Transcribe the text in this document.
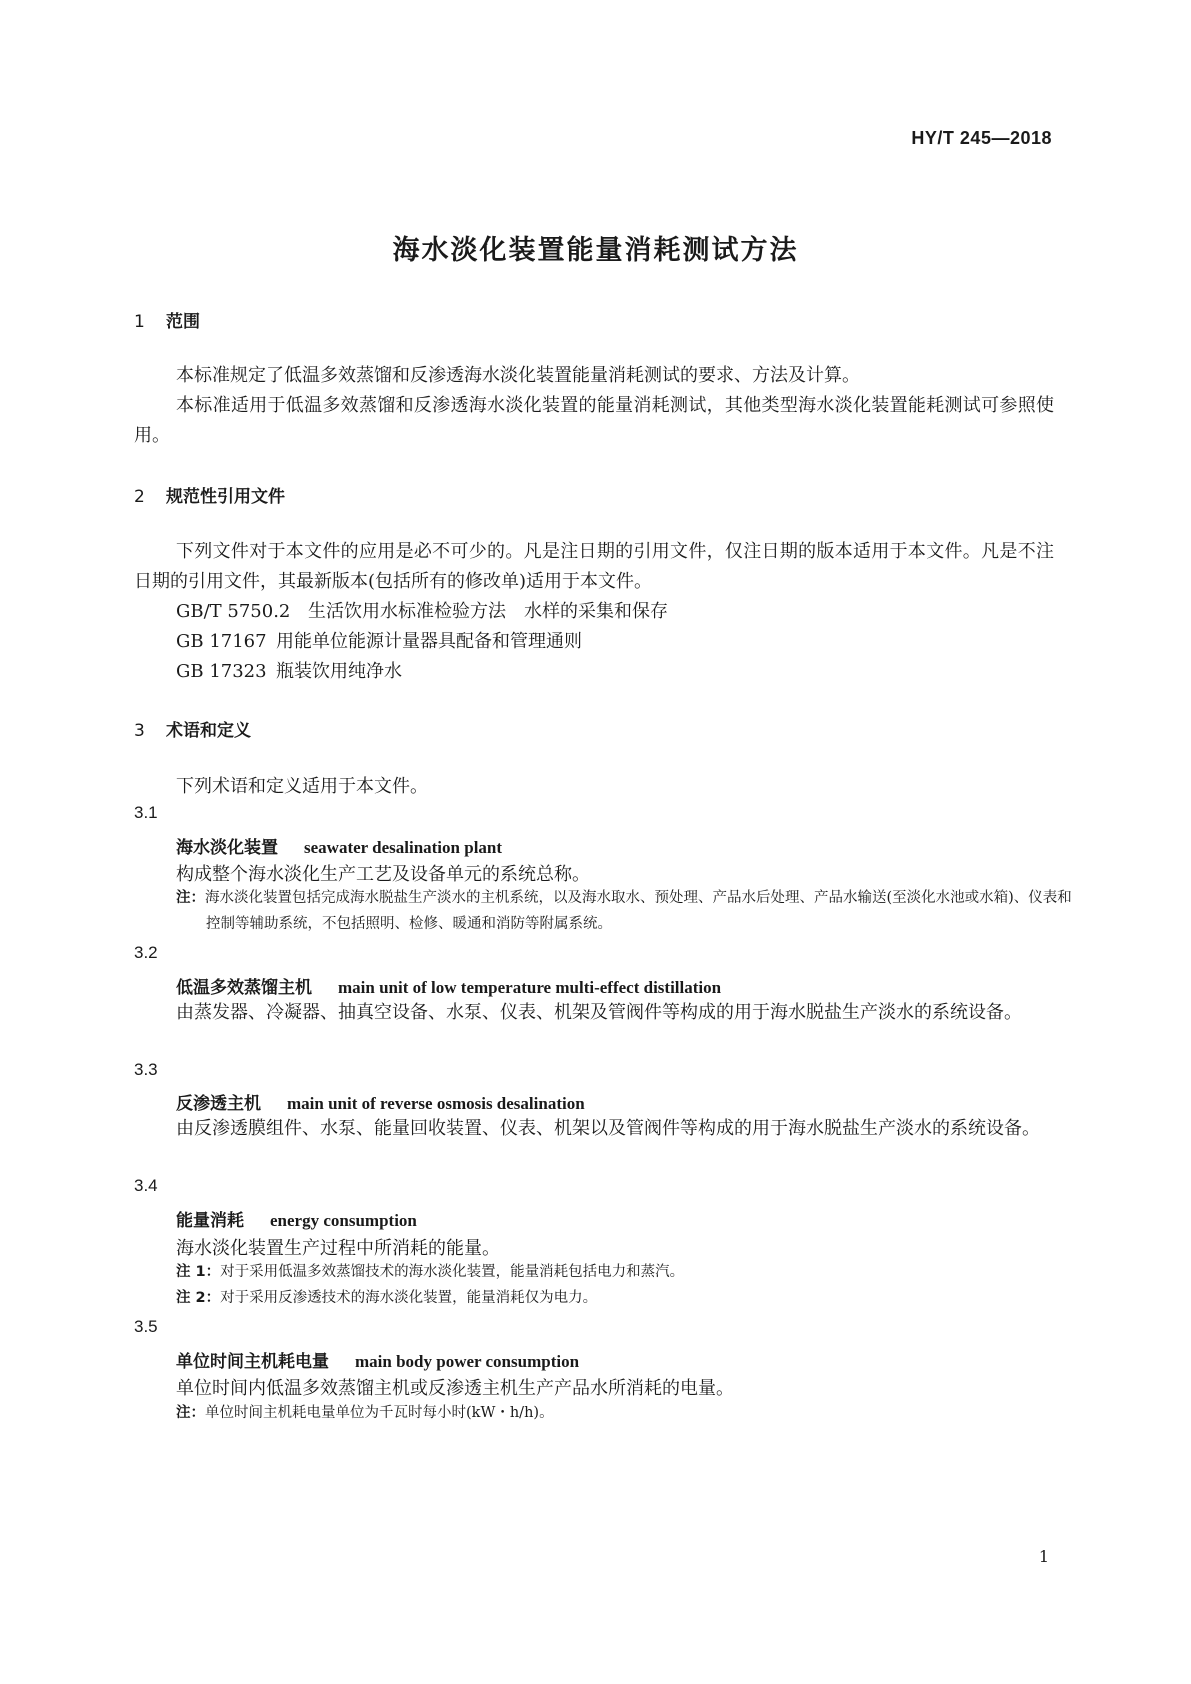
HY/T 245—2018
海水淡化装置能量消耗测试方法
1 范围
本标准规定了低温多效蒸馏和反渗透海水淡化装置能量消耗测试的要求、方法及计算。
本标准适用于低温多效蒸馏和反渗透海水淡化装置的能量消耗测试，其他类型海水淡化装置能耗测试可参照使用。
2 规范性引用文件
下列文件对于本文件的应用是必不可少的。凡是注日期的引用文件，仅注日期的版本适用于本文件。凡是不注日期的引用文件，其最新版本(包括所有的修改单)适用于本文件。
GB/T 5750.2 生活饮用水标准检验方法　水样的采集和保存
GB 17167 用能单位能源计量器具配备和管理通则
GB 17323 瓶装饮用纯净水
3 术语和定义
下列术语和定义适用于本文件。
3.1
海水淡化装置 seawater desalination plant
构成整个海水淡化生产工艺及设备单元的系统总称。
注：海水淡化装置包括完成海水脱盐生产淡水的主机系统，以及海水取水、预处理、产品水后处理、产品水输送(至淡化水池或水箱)、仪表和控制等辅助系统，不包括照明、检修、暖通和消防等附属系统。
3.2
低温多效蒸馏主机 main unit of low temperature multi-effect distillation
由蒸发器、冷凝器、抽真空设备、水泵、仪表、机架及管阀件等构成的用于海水脱盐生产淡水的系统设备。
3.3
反渗透主机 main unit of reverse osmosis desalination
由反渗透膜组件、水泵、能量回收装置、仪表、机架以及管阀件等构成的用于海水脱盐生产淡水的系统设备。
3.4
能量消耗 energy consumption
海水淡化装置生产过程中所消耗的能量。
注 1：对于采用低温多效蒸馏技术的海水淡化装置，能量消耗包括电力和蒸汽。
注 2：对于采用反渗透技术的海水淡化装置，能量消耗仅为电力。
3.5
单位时间主机耗电量 main body power consumption
单位时间内低温多效蒸馏主机或反渗透主机生产产品水所消耗的电量。
注：单位时间主机耗电量单位为千瓦时每小时(kW・h/h)。
1
